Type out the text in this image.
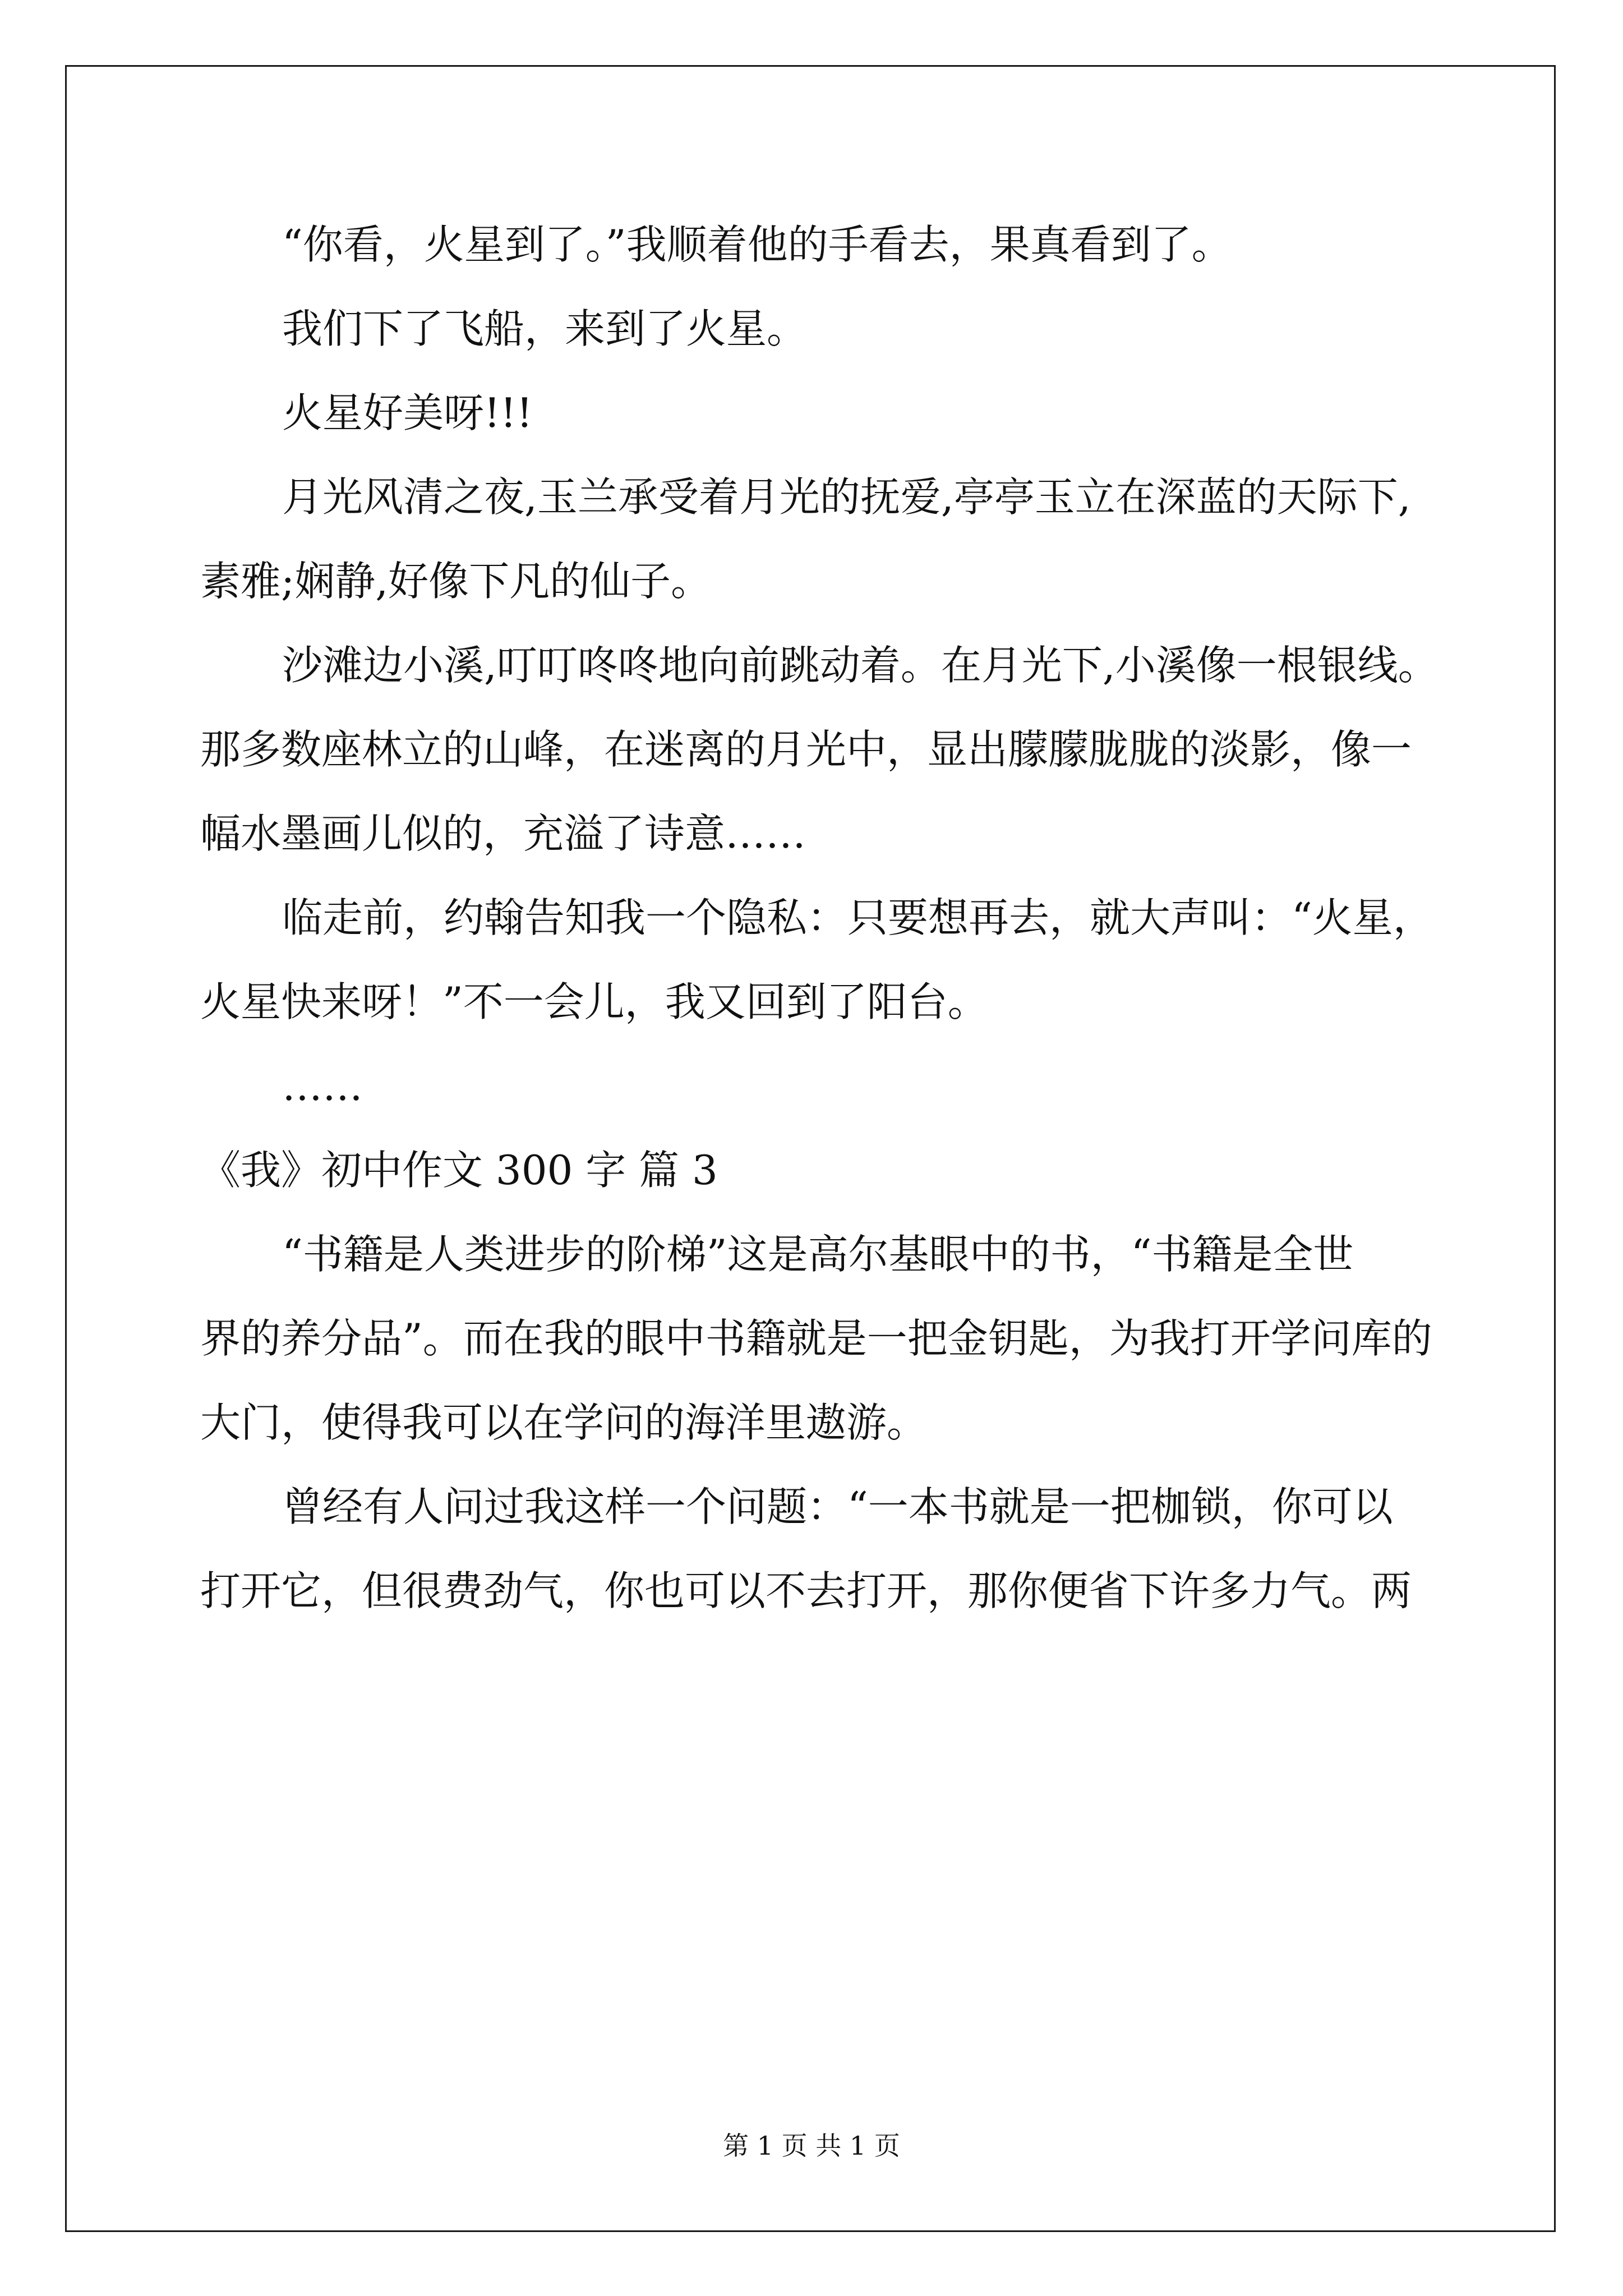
“你看，火星到了。”我顺着他的手看去，果真看到了。

我们下了飞船，来到了火星。

火星好美呀!!!

月光风清之夜,玉兰承受着月光的抚爱,亭亭玉立在深蓝的天际下,

素雅;娴静,好像下凡的仙子。

沙滩边小溪,叮叮咚咚地向前跳动着。在月光下,小溪像一根银线。

那多数座林立的山峰，在迷离的月光中，显出朦朦胧胧的淡影，像一

幅水墨画儿似的，充溢了诗意……

临走前，约翰告知我一个隐私：只要想再去，就大声叫：“火星，

火星快来呀！”不一会儿，我又回到了阳台。

……

《我》初中作文 300 字 篇 3

“书籍是人类进步的阶梯”这是高尔基眼中的书，“书籍是全世

界的养分品”。而在我的眼中书籍就是一把金钥匙，为我打开学问库的

大门，使得我可以在学问的海洋里遨游。

曾经有人问过我这样一个问题：“一本书就是一把枷锁，你可以

打开它，但很费劲气，你也可以不去打开，那你便省下许多力气。两

第 1 页 共 1 页
